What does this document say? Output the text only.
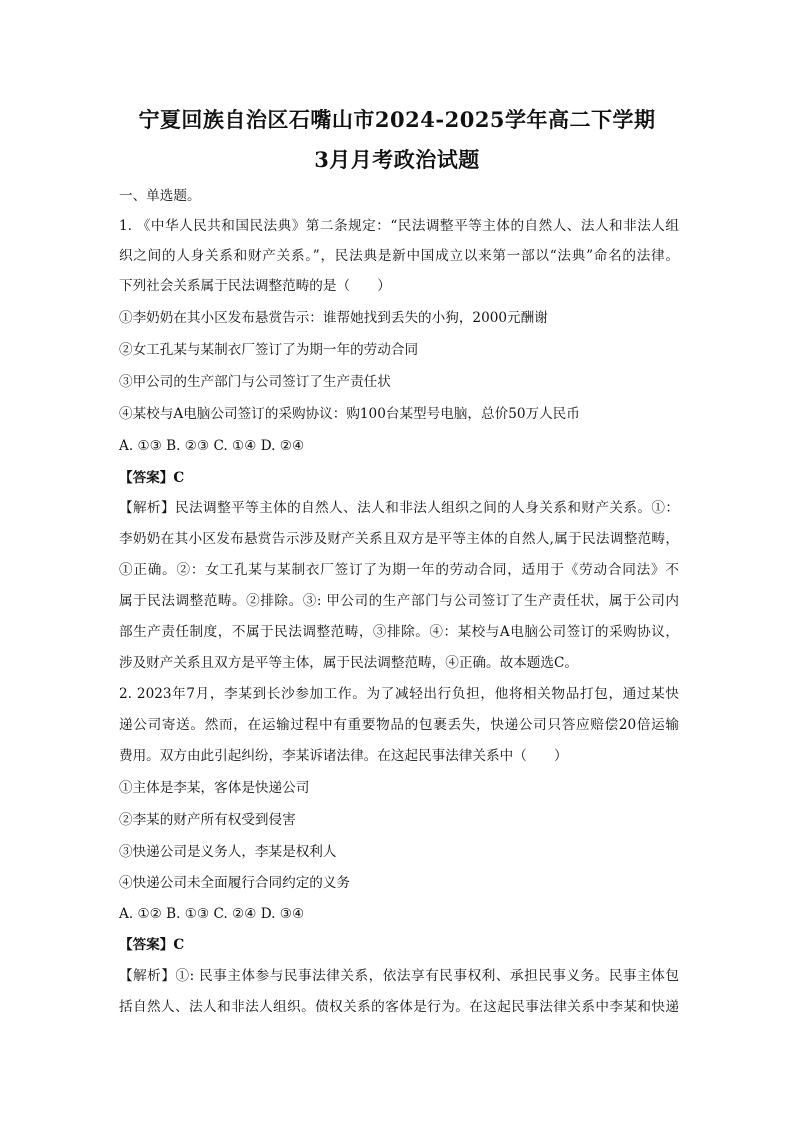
宁夏回族自治区石嘴山市2024-2025学年高二下学期
3月月考政治试题
一、单选题。
1. 《中华人民共和国民法典》第二条规定：“民法调整平等主体的自然人、法人和非法人组
织之间的人身关系和财产关系。”，民法典是新中国成立以来第一部以“法典”命名的法律。
下列社会关系属于民法调整范畴的是（　　）
①李奶奶在其小区发布悬赏告示：谁帮她找到丢失的小狗，2000元酬谢
②女工孔某与某制衣厂签订了为期一年的劳动合同
③甲公司的生产部门与公司签订了生产责任状
④某校与A电脑公司签订的采购协议：购100台某型号电脑，总价50万人民币
A. ①③ B. ②③ C. ①④ D. ②④
【答案】C
【解析】民法调整平等主体的自然人、法人和非法人组织之间的人身关系和财产关系。①：
李奶奶在其小区发布悬赏告示涉及财产关系且双方是平等主体的自然人,属于民法调整范畴，
①正确。②：女工孔某与某制衣厂签订了为期一年的劳动合同，适用于《劳动合同法》不
属于民法调整范畴。②排除。③: 甲公司的生产部门与公司签订了生产责任状，属于公司内
部生产责任制度，不属于民法调整范畴，③排除。④：某校与A电脑公司签订的采购协议，
涉及财产关系且双方是平等主体，属于民法调整范畴，④正确。故本题选C。
2. 2023年7月，李某到长沙参加工作。为了减轻出行负担，他将相关物品打包，通过某快
递公司寄送。然而，在运输过程中有重要物品的包裹丢失，快递公司只答应赔偿20倍运输
费用。双方由此引起纠纷，李某诉诸法律。在这起民事法律关系中（　　）
①主体是李某，客体是快递公司
②李某的财产所有权受到侵害
③快递公司是义务人，李某是权利人
④快递公司未全面履行合同约定的义务
A. ①② B. ①③ C. ②④ D. ③④
【答案】C
【解析】①: 民事主体参与民事法律关系，依法享有民事权利、承担民事义务。民事主体包
括自然人、法人和非法人组织。债权关系的客体是行为。在这起民事法律关系中李某和快递
